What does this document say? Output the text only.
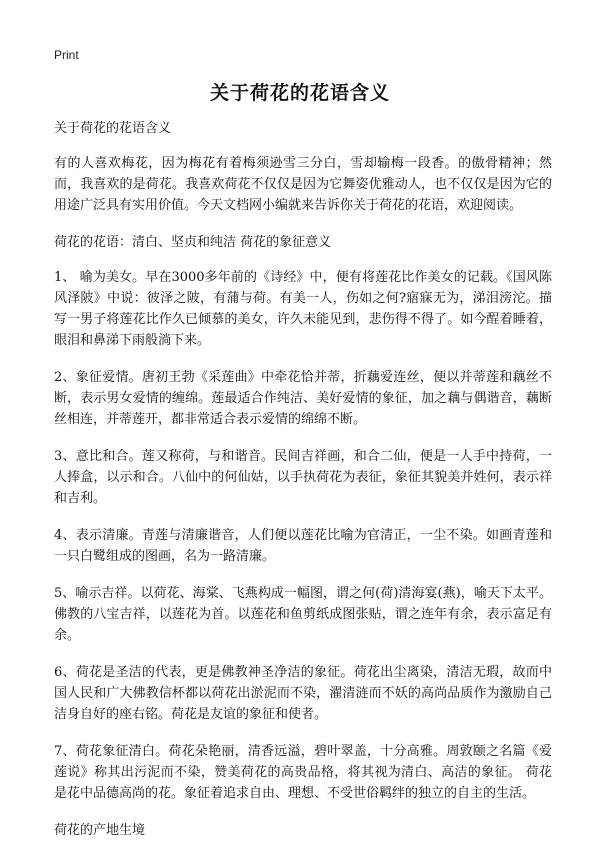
Print
关于荷花的花语含义

关于荷花的花语含义

有的人喜欢梅花，因为梅花有着梅须逊雪三分白，雪却输梅一段香。的傲骨精神；然而，我喜欢的是荷花。我喜欢荷花不仅仅是因为它舞姿优雅动人，也不仅仅是因为它的用途广泛具有实用价值。今天文档网小编就来告诉你关于荷花的花语，欢迎阅读。

荷花的花语：清白、坚贞和纯洁 荷花的象征意义

1、 喻为美女。早在3000多年前的《诗经》中，便有将莲花比作美女的记载。《国风陈风泽陂》中说：彼泽之陂，有蒲与荷。有美一人，伤如之何?寤寐无为，涕泪滂沱。描写一男子将莲花比作久已倾慕的美女，许久未能见到，悲伤得不得了。如今酲着睡着，眼泪和鼻涕下雨般淌下来。

2、象征爱情。唐初王勃《采莲曲》中牵花恰并蒂，折藕爱连丝，便以并蒂莲和藕丝不断，表示男女爱情的缠绵。莲最适合作纯洁、美好爱情的象征，加之藕与偶谐音，藕断丝相连，并蒂莲开，都非常适合表示爱情的绵绵不断。

3、意比和合。莲又称荷，与和谐音。民间吉祥画，和合二仙，便是一人手中持荷，一人捧盒，以示和合。八仙中的何仙姑，以手执荷花为表征，象征其貌美并姓何，表示祥和吉利。

4、表示清廉。青莲与清廉谐音，人们便以莲花比喻为官清正，一尘不染。如画青莲和一只白鹭组成的图画，名为一路清廉。

5、喻示吉祥。以荷花、海棠、飞燕构成一幅图，谓之何(荷)清海宴(燕)，喻天下太平。佛教的八宝吉祥，以莲花为首。以莲花和鱼剪纸成图张贴，谓之连年有余，表示富足有余。

6、荷花是圣洁的代表，更是佛教神圣净洁的象征。荷花出尘离染，清洁无瑕，故而中国人民和广大佛教信杯都以荷花出淤泥而不染，濯清涟而不妖的高尚品质作为激励自己洁身自好的座右铭。荷花是友谊的象征和使者。

7、荷花象征清白。荷花朵艳丽，清香远溢，碧叶翠盖，十分高雅。周敦颐之名篇《爱莲说》称其出污泥而不染，赞美荷花的高贵品格，将其视为清白、高洁的象征。 荷花是花中品德高尚的花。象征着追求自由、理想、不受世俗羁绊的独立的自主的生活。

荷花的产地生境
